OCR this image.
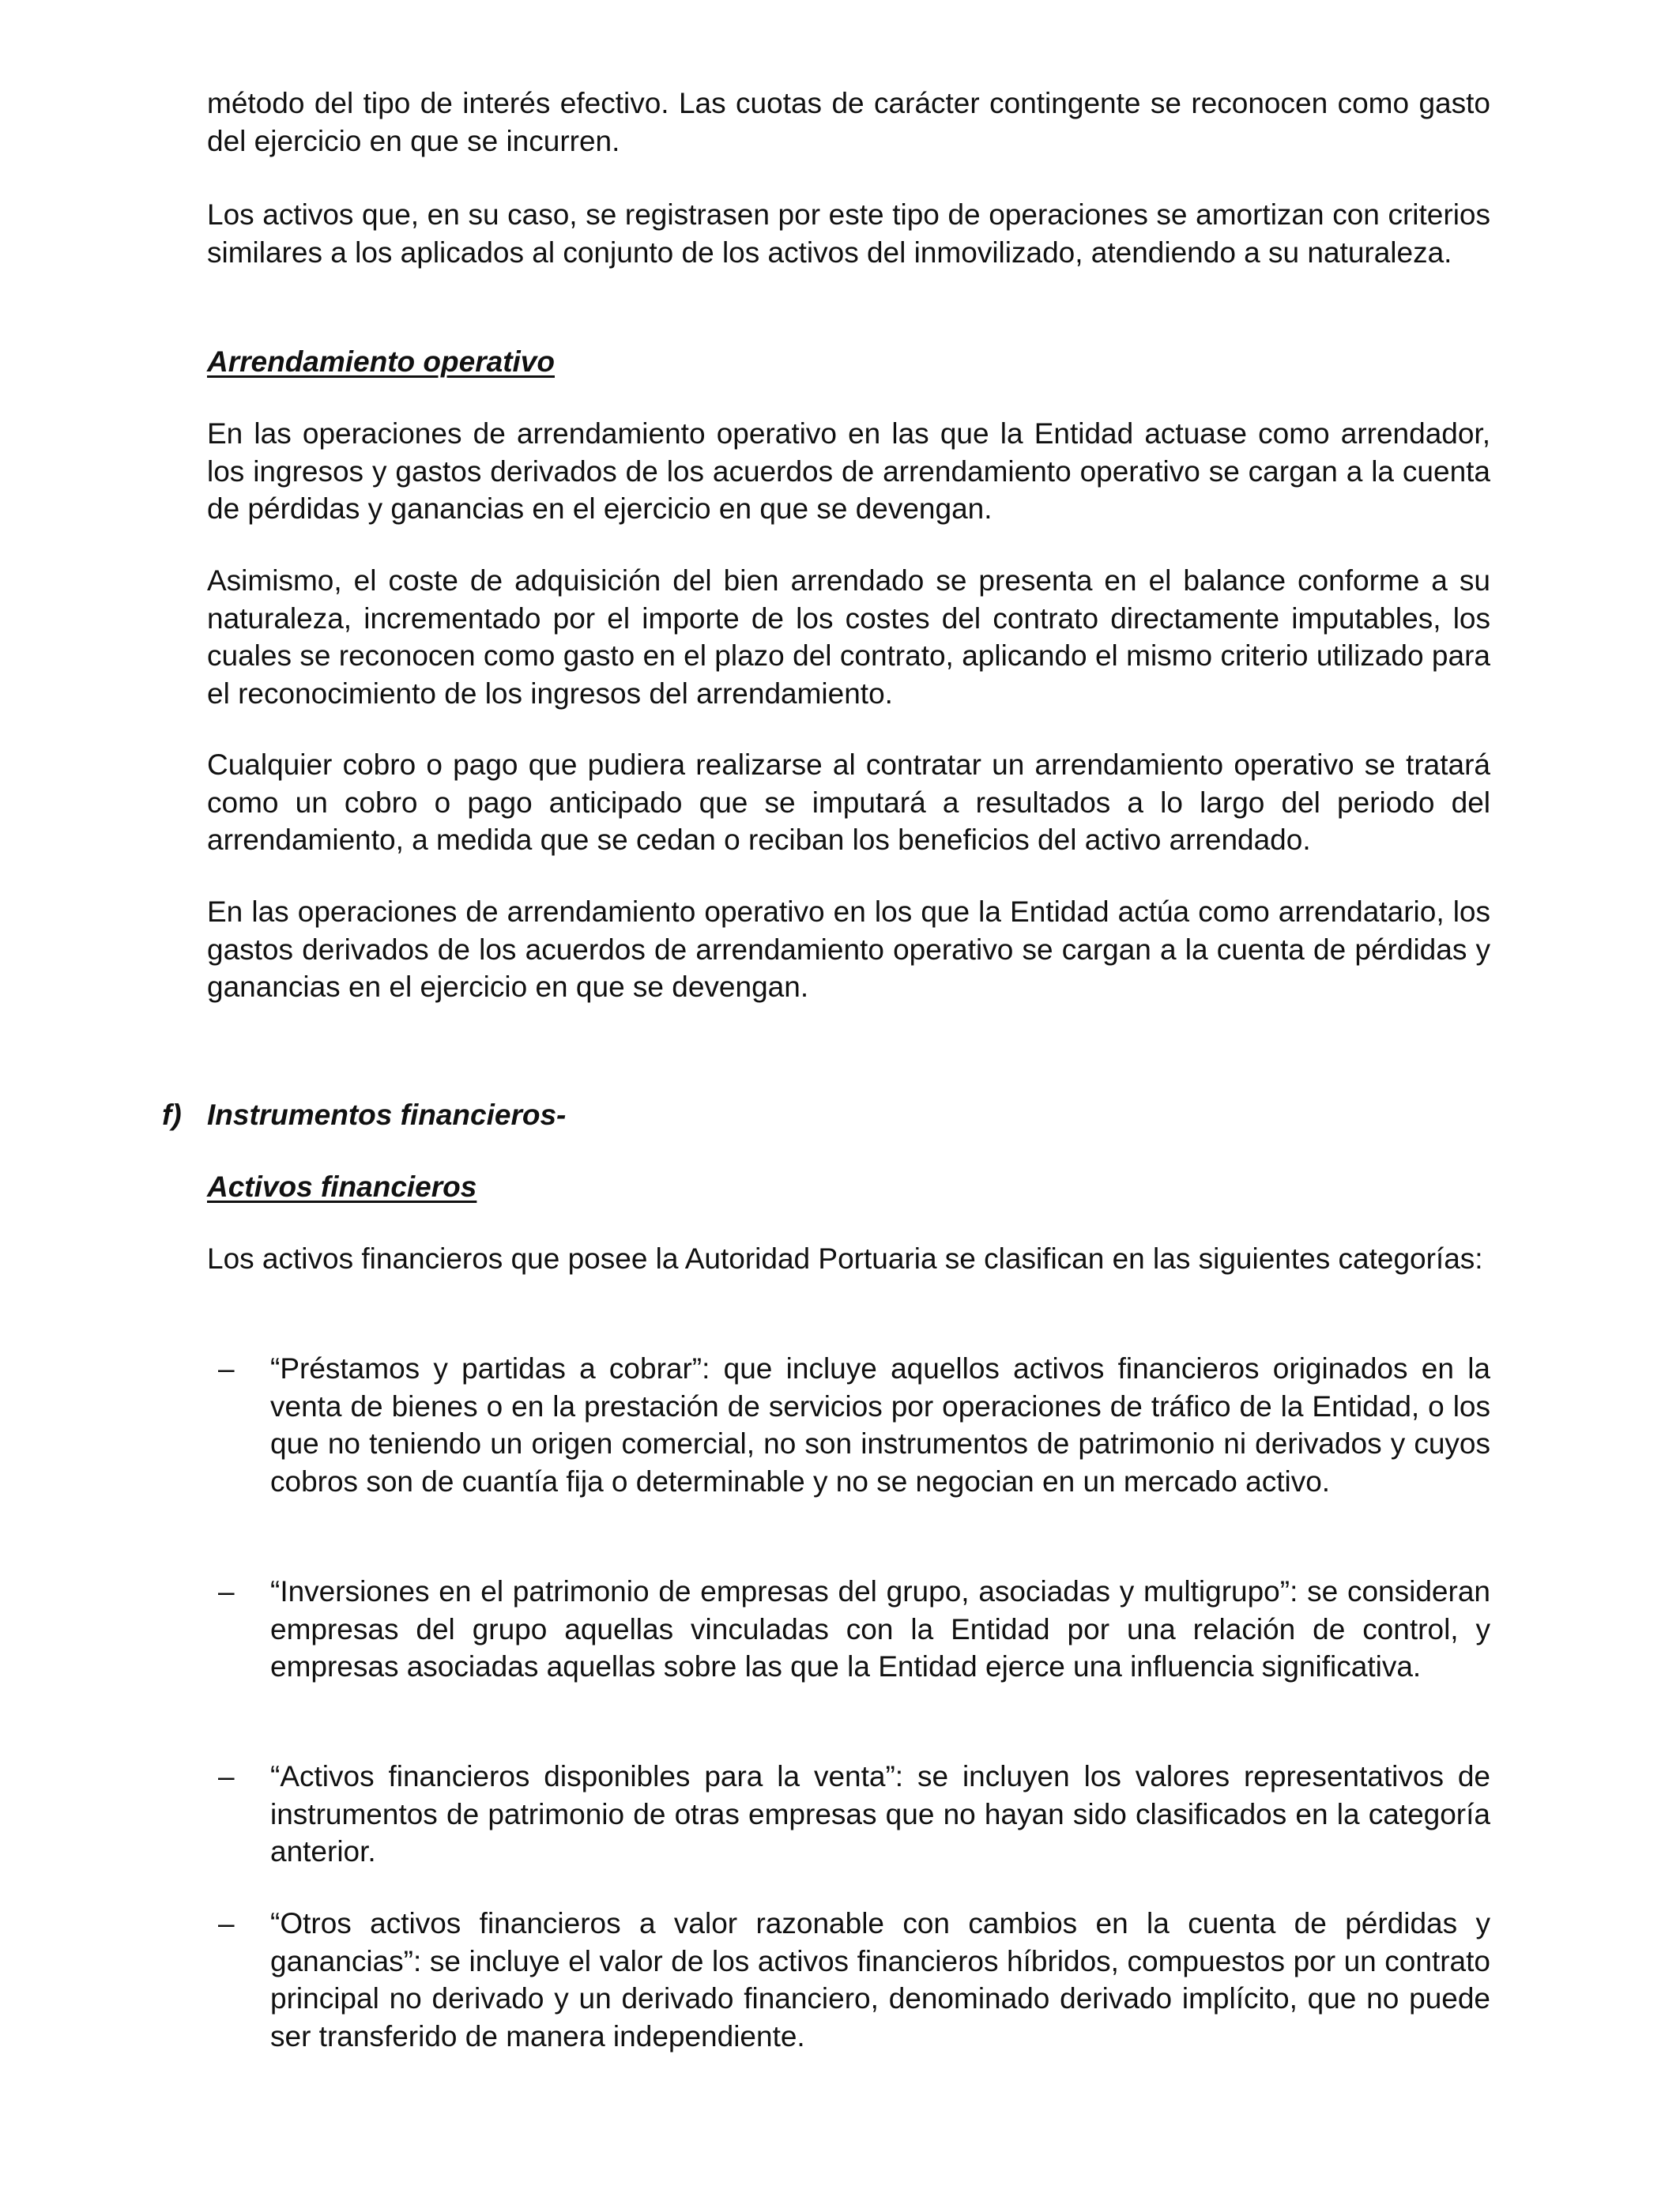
método del tipo de interés efectivo. Las cuotas de carácter contingente se reconocen como gasto del ejercicio en que se incurren.

Los activos que, en su caso, se registrasen por este tipo de operaciones se amortizan con criterios similares a los aplicados al conjunto de los activos del inmovilizado, atendiendo a su naturaleza.

Arrendamiento operativo

En las operaciones de arrendamiento operativo en las que la Entidad actuase como arrendador, los ingresos y gastos derivados de los acuerdos de arrendamiento operativo se cargan a la cuenta de pérdidas y ganancias en el ejercicio en que se devengan.

Asimismo, el coste de adquisición del bien arrendado se presenta en el balance conforme a su naturaleza, incrementado por el importe de los costes del contrato directamente imputables, los cuales se reconocen como gasto en el plazo del contrato, aplicando el mismo criterio utilizado para el reconocimiento de los ingresos del arrendamiento.

Cualquier cobro o pago que pudiera realizarse al contratar un arrendamiento operativo se tratará como un cobro o pago anticipado que se imputará a resultados a lo largo del periodo del arrendamiento, a medida que se cedan o reciban los beneficios del activo arrendado.

En las operaciones de arrendamiento operativo en los que la Entidad actúa como arrendatario, los gastos derivados de los acuerdos de arrendamiento operativo se cargan a la cuenta de pérdidas y ganancias en el ejercicio en que se devengan.

f) Instrumentos financieros-

Activos financieros

Los activos financieros que posee la Autoridad Portuaria se clasifican en las siguientes categorías:

– “Préstamos y partidas a cobrar”: que incluye aquellos activos financieros originados en la venta de bienes o en la prestación de servicios por operaciones de tráfico de la Entidad, o los que no teniendo un origen comercial, no son instrumentos de patrimonio ni derivados y cuyos cobros son de cuantía fija o determinable y no se negocian en un mercado activo.
– “Inversiones en el patrimonio de empresas del grupo, asociadas y multigrupo”: se consideran empresas del grupo aquellas vinculadas con la Entidad por una relación de control, y empresas asociadas aquellas sobre las que la Entidad ejerce una influencia significativa.
– “Activos financieros disponibles para la venta”: se incluyen los valores representativos de instrumentos de patrimonio de otras empresas que no hayan sido clasificados en la categoría anterior.
– “Otros activos financieros a valor razonable con cambios en la cuenta de pérdidas y ganancias”: se incluye el valor de los activos financieros híbridos, compuestos por un contrato principal no derivado y un derivado financiero, denominado derivado implícito, que no puede ser transferido de manera independiente.
